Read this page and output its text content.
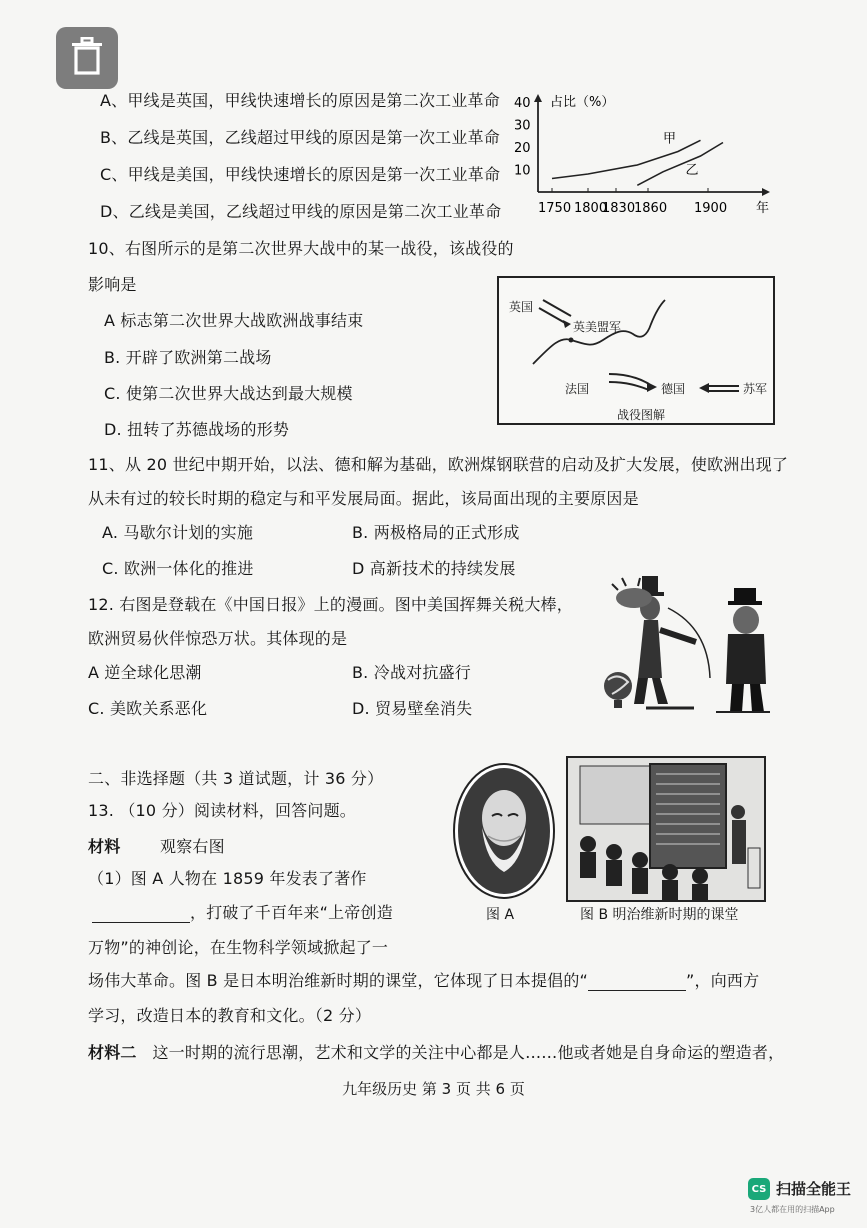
A、甲线是英国，甲线快速增长的原因是第二次工业革命
B、乙线是英国，乙线超过甲线的原因是第一次工业革命
C、甲线是美国，甲线快速增长的原因是第一次工业革命
D、乙线是美国，乙线超过甲线的原因是第二次工业革命
占比（%）
10
20
30
40
1750 1800
1830
1860 1900 年
甲
乙
10、右图所示的是第二次世界大战中的某一战役，该战役的
影响是
A 标志第二次世界大战欧洲战事结束
B. 开辟了欧洲第二战场
C. 使第二次世界大战达到最大规模
D. 扭转了苏德战场的形势
英国
英美盟军
法国	德国	苏军
战役图解
11、从 20 世纪中期开始，以法、德和解为基础，欧洲煤钢联营的启动及扩大发展，使欧洲出现了
从未有过的较长时期的稳定与和平发展局面。据此，该局面出现的主要原因是
A. 马歇尔计划的实施	B. 两极格局的正式形成
C. 欧洲一体化的推进	D 高新技术的持续发展
12. 右图是登载在《中国日报》上的漫画。图中美国挥舞关税大棒，
欧洲贸易伙伴惊恐万状。其体现的是
A 逆全球化思潮	B. 冷战对抗盛行
C. 美欧关系恶化	D. 贸易壁垒消失
二、非选择题（共 3 道试题，计 36 分）
13. （10 分）阅读材料，回答问题。
材料 观察右图
（1）图 A 人物在 1859 年发表了著作
，打破了千百年来“上帝创造
万物”的神创论，在生物科学领域掀起了一
场伟大革命。图 B 是日本明治维新时期的课堂，它体现了日本提倡的“	”，向西方
学习，改造日本的教育和文化。（2 分）
材料二 这一时期的流行思潮，艺术和文学的关注中心都是人……他或者她是自身命运的塑造者，
图 A	图 B 明治维新时期的课堂
九年级历史 第 3 页 共 6 页
CS 扫描全能王
3亿人都在用的扫描App
